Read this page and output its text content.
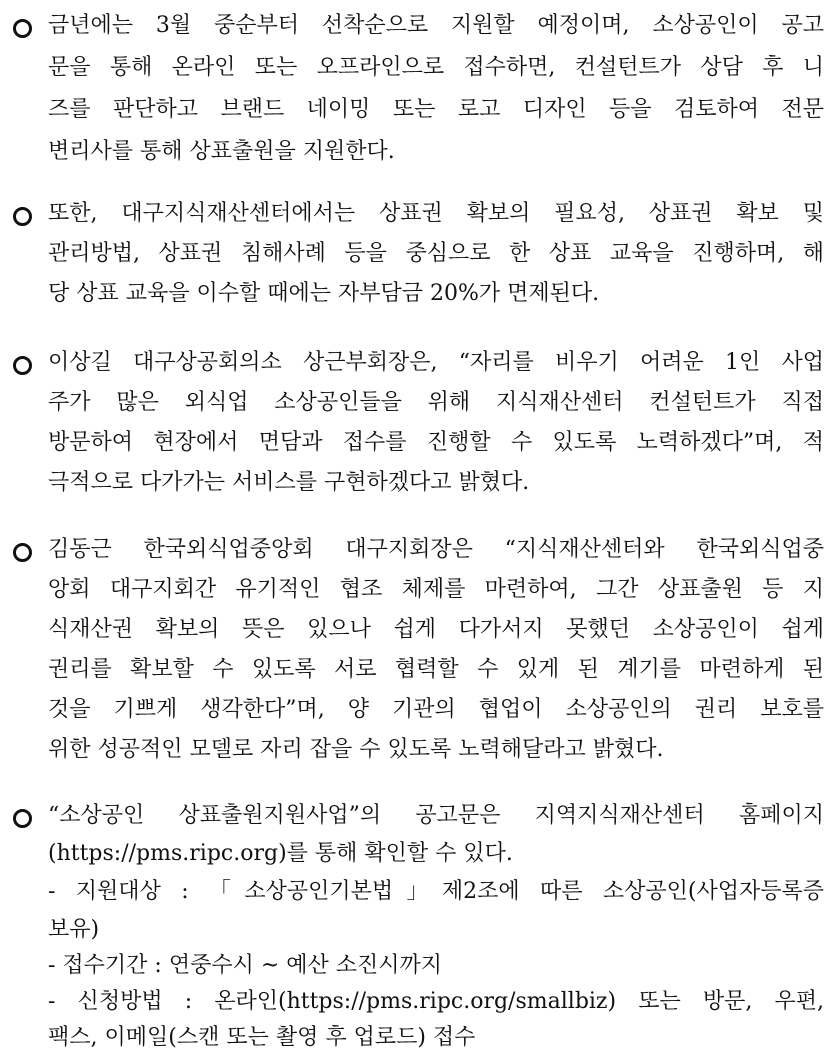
금년에는 3월 중순부터 선착순으로 지원할 예정이며, 소상공인이 공고
문을 통해 온라인 또는 오프라인으로 접수하면, 컨설턴트가 상담 후 니
즈를 판단하고 브랜드 네이밍 또는 로고 디자인 등을 검토하여 전문
변리사를 통해 상표출원을 지원한다.
또한, 대구지식재산센터에서는 상표권 확보의 필요성, 상표권 확보 및
관리방법, 상표권 침해사례 등을 중심으로 한 상표 교육을 진행하며, 해
당 상표 교육을 이수할 때에는 자부담금 20%가 면제된다.
이상길 대구상공회의소 상근부회장은, “자리를 비우기 어려운 1인 사업
주가 많은 외식업 소상공인들을 위해 지식재산센터 컨설턴트가 직접
방문하여 현장에서 면담과 접수를 진행할 수 있도록 노력하겠다”며, 적
극적으로 다가가는 서비스를 구현하겠다고 밝혔다.
김동근 한국외식업중앙회 대구지회장은 “지식재산센터와 한국외식업중
앙회 대구지회간 유기적인 협조 체제를 마련하여, 그간 상표출원 등 지
식재산권 확보의 뜻은 있으나 쉽게 다가서지 못했던 소상공인이 쉽게
권리를 확보할 수 있도록 서로 협력할 수 있게 된 계기를 마련하게 된
것을 기쁘게 생각한다”며, 양 기관의 협업이 소상공인의 권리 보호를
위한 성공적인 모델로 자리 잡을 수 있도록 노력해달라고 밝혔다.
“소상공인 상표출원지원사업”의 공고문은 지역지식재산센터 홈페이지
(https://pms.ripc.org)를 통해 확인할 수 있다.
- 지원대상 : 「소상공인기본법」제2조에 따른 소상공인(사업자등록증
보유)
- 접수기간 : 연중수시 ~ 예산 소진시까지
- 신청방법 : 온라인(https://pms.ripc.org/smallbiz) 또는 방문, 우편,
팩스, 이메일(스캔 또는 촬영 후 업로드) 접수
